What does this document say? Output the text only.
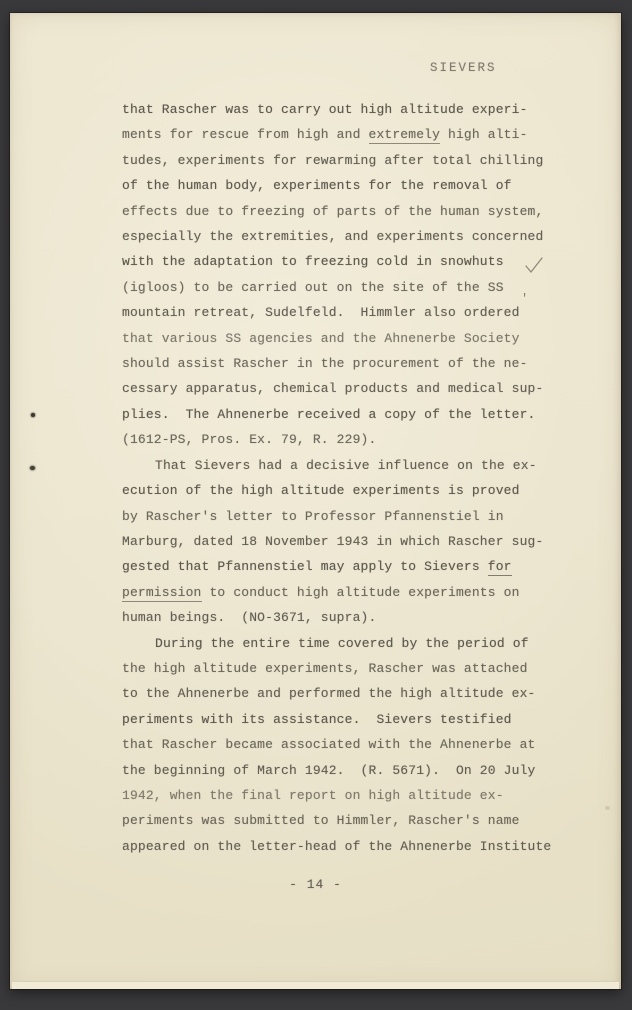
SIEVERS
that Rascher was to carry out high altitude experi-
ments for rescue from high and extremely high alti-
tudes, experiments for rewarming after total chilling
of the human body, experiments for the removal of
effects due to freezing of parts of the human system,
especially the extremities, and experiments concerned
with the adaptation to freezing cold in snowhuts
(igloos) to be carried out on the site of the SS
mountain retreat, Sudelfeld.  Himmler also ordered
that various SS agencies and the Ahnenerbe Society
should assist Rascher in the procurement of the ne-
cessary apparatus, chemical products and medical sup-
plies.  The Ahnenerbe received a copy of the letter.
(1612-PS, Pros. Ex. 79, R. 229).
That Sievers had a decisive influence on the ex-
ecution of the high altitude experiments is proved
by Rascher's letter to Professor Pfannenstiel in
Marburg, dated 18 November 1943 in which Rascher sug-
gested that Pfannenstiel may apply to Sievers for
permission to conduct high altitude experiments on
human beings.  (NO-3671, supra).
During the entire time covered by the period of
the high altitude experiments, Rascher was attached
to the Ahnenerbe and performed the high altitude ex-
periments with its assistance.  Sievers testified
that Rascher became associated with the Ahnenerbe at
the beginning of March 1942.  (R. 5671).  On 20 July
1942, when the final report on high altitude ex-
periments was submitted to Himmler, Rascher's name
appeared on the letter-head of the Ahnenerbe Institute
'
- 14 -
